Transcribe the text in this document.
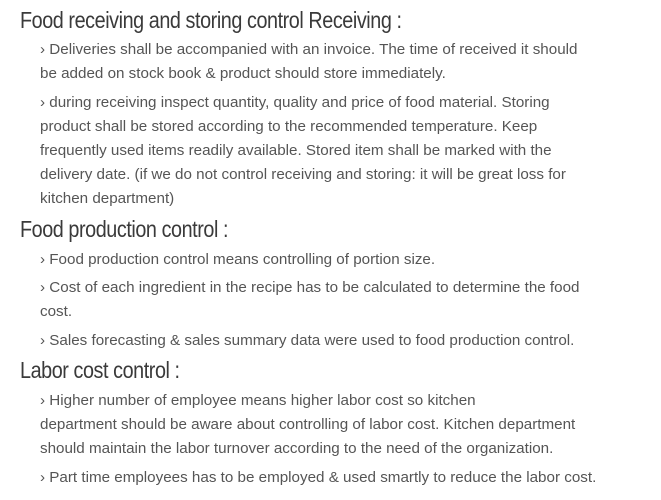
Food receiving and storing control Receiving :
› Deliveries shall be accompanied with an invoice. The time of received it should
be added on stock book & product should store immediately.
› during receiving inspect quantity, quality and price of food material. Storing
product shall be stored according to the recommended temperature. Keep
frequently used items readily available. Stored item shall be marked with the
delivery date. (if we do not control receiving and storing: it will be great loss for
kitchen department)
Food production control :
› Food production control means controlling of portion size.
› Cost of each ingredient in the recipe has to be calculated to determine the food
cost.
› Sales forecasting & sales summary data were used to food production control.
Labor cost control :
› Higher number of employee means higher labor cost so kitchen
department should be aware about controlling of labor cost. Kitchen department
should maintain the labor turnover according to the need of the organization.
› Part time employees has to be employed & used smartly to reduce the labor cost.
